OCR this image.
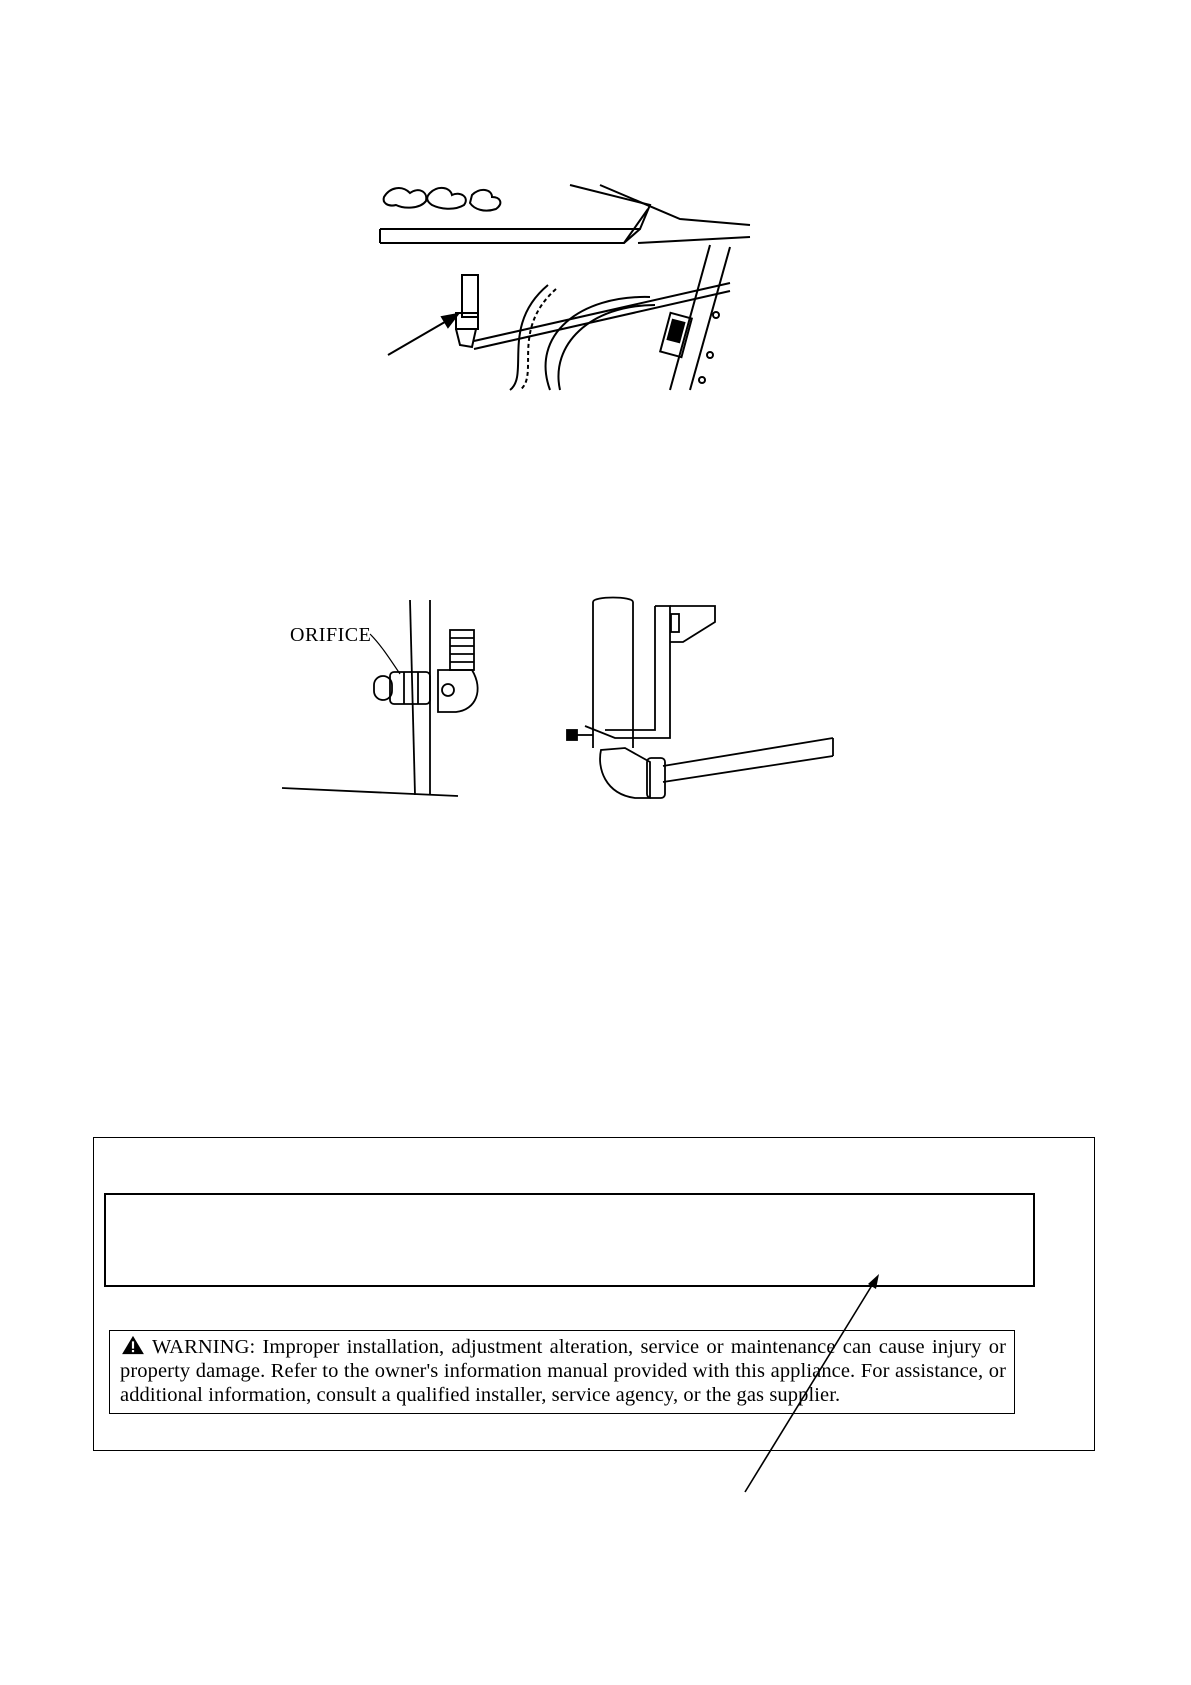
ORIFICE
WARNING: Improper installation, adjustment alteration, service or maintenance can cause injury or property damage. Refer to the owner's information manual provided with this appliance. For assistance, or additional information, consult a qualified installer, service agency, or the gas supplier.
